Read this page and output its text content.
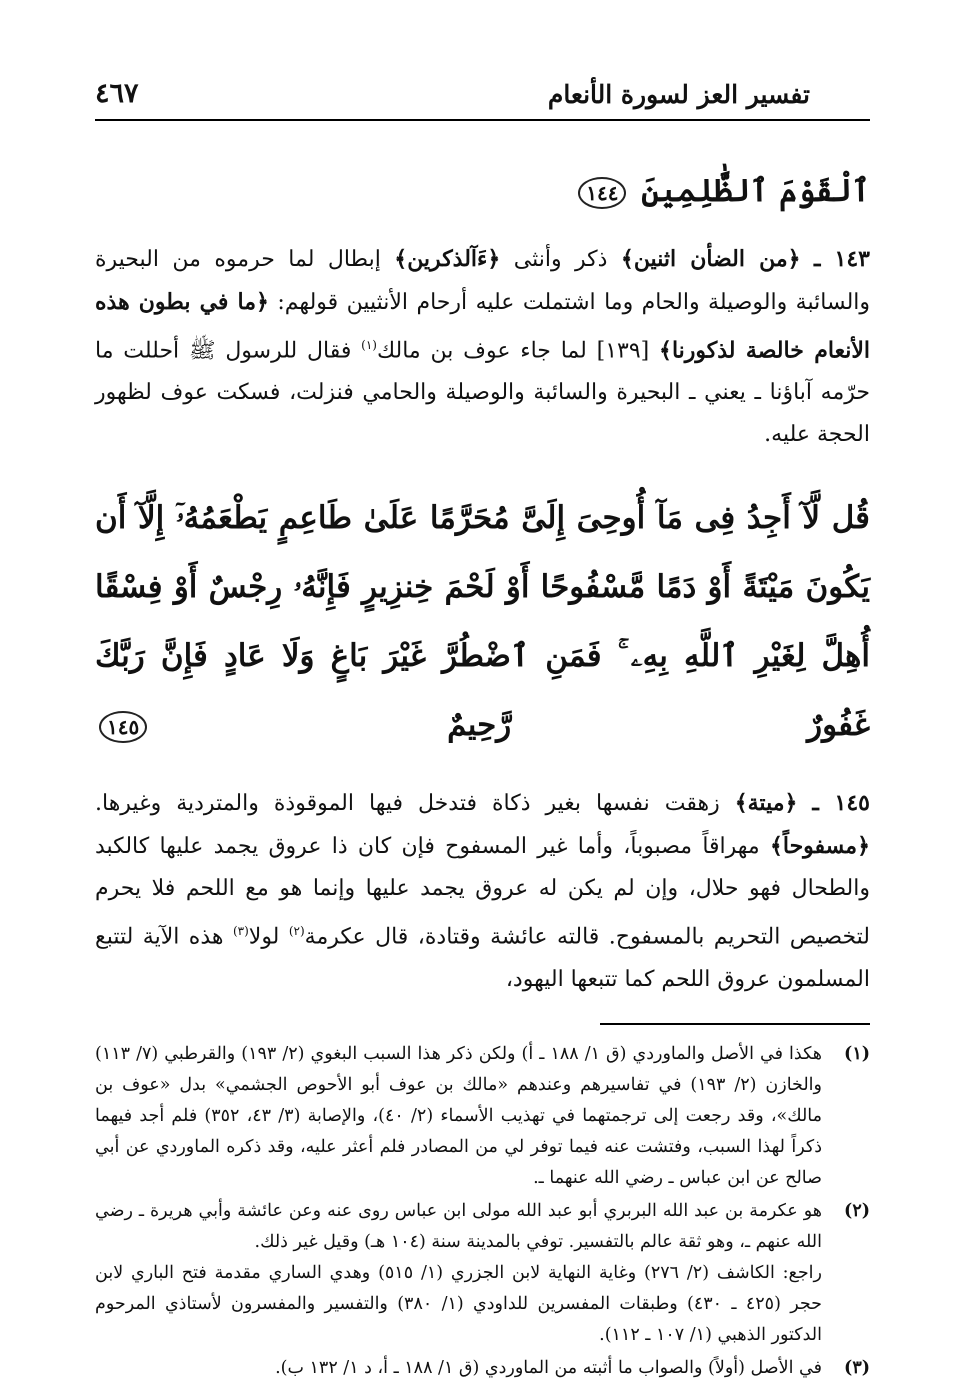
تفسير العز لسورة الأنعام
٤٦٧
ٱلْقَوْمَ ٱلظَّٰلِمِينَ ١٤٤

١٤٣ ـ ﴿من الضأن اثنين﴾ ذكر وأنثى ﴿ءَآلذكرين﴾ إبطال لما حرموه من البحيرة والسائبة والوصيلة والحام وما اشتملت عليه أرحام الأنثيين قولهم: ﴿ما في بطون هذه الأنعام خالصة لذكورنا﴾ [١٣٩] لما جاء عوف بن مالك$^{(١)}$ فقال للرسول ﷺ أحللت ما حرّمه آباؤنا ـ يعني ـ البحيرة والسائبة والوصيلة والحامي فنزلت، فسكت عوف لظهور الحجة عليه.

قُل لَّآ أَجِدُ فِى مَآ أُوحِىَ إِلَىَّ مُحَرَّمًا عَلَىٰ طَاعِمٍ يَطْعَمُهُۥٓ إِلَّآ أَن يَكُونَ مَيْتَةً أَوْ دَمًا مَّسْفُوحًا أَوْ لَحْمَ خِنزِيرٍ فَإِنَّهُۥ رِجْسٌ أَوْ فِسْقًا أُهِلَّ لِغَيْرِ ٱللَّهِ بِهِۦ ۚ فَمَنِ ٱضْطُرَّ غَيْرَ بَاغٍ وَلَا عَادٍ فَإِنَّ رَبَّكَ غَفُورٌ رَّحِيمٌ ١٤٥

١٤٥ ـ ﴿ميتة﴾ زهقت نفسها بغير ذكاة فتدخل فيها الموقوذة والمتردية وغيرها. ﴿مسفوحاً﴾ مهراقاً مصبوباً، وأما غير المسفوح فإن كان ذا عروق يجمد عليها كالكبد والطحال فهو حلال، وإن لم يكن له عروق يجمد عليها وإنما هو مع اللحم فلا يحرم لتخصيص التحريم بالمسفوح. قالته عائشة وقتادة، قال عكرمة$^{(٢)}$ لولا$^{(٣)}$ هذه الآية لتتبع المسلمون عروق اللحم كما تتبعها اليهود،

(١)

هكذا في الأصل والماوردي (ق ١/ ١٨٨ ـ أ) ولكن ذكر هذا السبب البغوي (٢/ ١٩٣) والقرطبي (٧/ ١١٣) والخازن (٢/ ١٩٣) في تفاسيرهم وعندهم «مالك بن عوف أبو الأحوص الجشمي» بدل «عوف بن مالك»، وقد رجعت إلى ترجمتهما في تهذيب الأسماء (٢/ ٤٠)، والإصابة (٣/ ٤٣، ٣٥٢) فلم أجد فيهما ذكراً لهذا السبب، وفتشت عنه فيما توفر لي من المصادر فلم أعثر عليه، وقد ذكره الماوردي عن أبي صالح عن ابن عباس ـ رضي الله عنهما ـ.

(٢)

هو عكرمة بن عبد الله البربري أبو عبد الله مولى ابن عباس روى عنه وعن عائشة وأبي هريرة ـ رضي الله عنهم ـ، وهو ثقة عالم بالتفسير. توفي بالمدينة سنة (١٠٤ هـ) وقيل غير ذلك.

راجع: الكاشف (٢/ ٢٧٦) وغاية النهاية لابن الجزري (١/ ٥١٥) وهدي الساري مقدمة فتح الباري لابن حجر (٤٢٥ ـ ٤٣٠) وطبقات المفسرين للداودي (١/ ٣٨٠) والتفسير والمفسرون لأستاذي المرحوم الدكتور الذهبي (١/ ١٠٧ ـ ١١٢).

(٣)

في الأصل (أولاً) والصواب ما أثبته من الماوردي (ق ١/ ١٨٨ ـ أ، د ١/ ١٣٢ ب).
